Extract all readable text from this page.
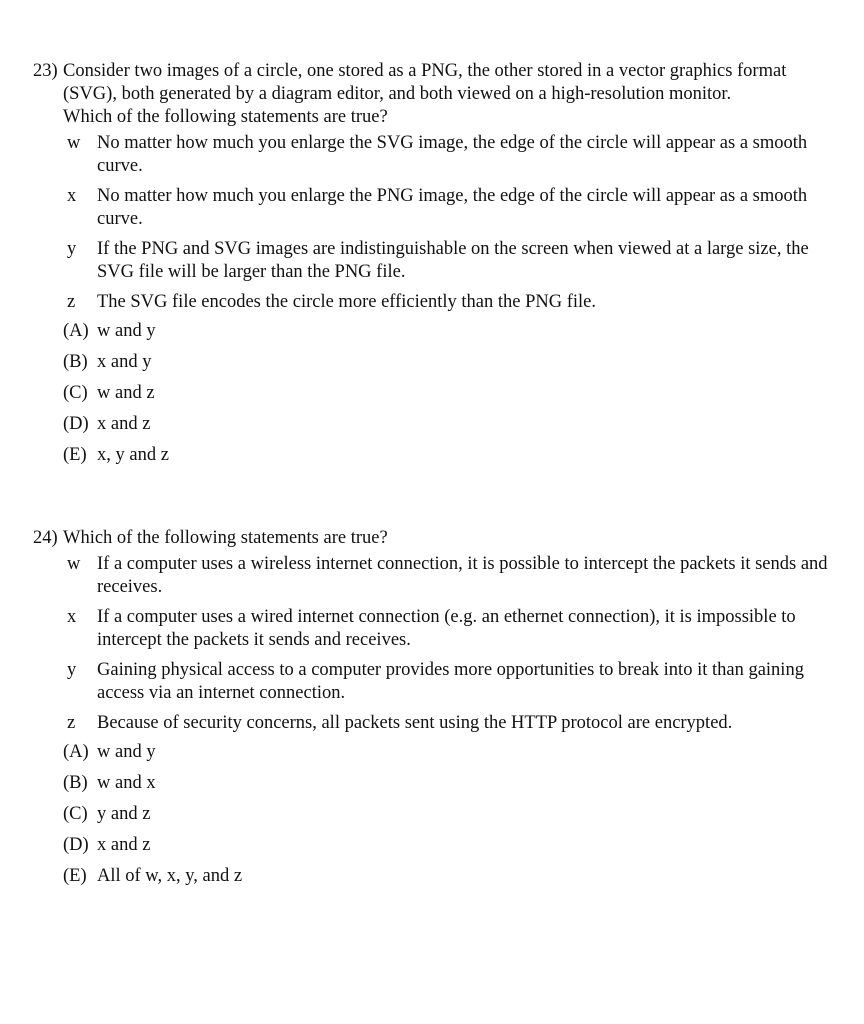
23) Consider two images of a circle, one stored as a PNG, the other stored in a vector graphics format (SVG), both generated by a diagram editor, and both viewed on a high-resolution monitor.
Which of the following statements are true?
w No matter how much you enlarge the SVG image, the edge of the circle will appear as a smooth curve.
x No matter how much you enlarge the PNG image, the edge of the circle will appear as a smooth curve.
y If the PNG and SVG images are indistinguishable on the screen when viewed at a large size, the SVG file will be larger than the PNG file.
z The SVG file encodes the circle more efficiently than the PNG file.
(A) w and y
(B) x and y
(C) w and z
(D) x and z
(E) x, y and z
24) Which of the following statements are true?
w If a computer uses a wireless internet connection, it is possible to intercept the packets it sends and receives.
x If a computer uses a wired internet connection (e.g. an ethernet connection), it is impossible to intercept the packets it sends and receives.
y Gaining physical access to a computer provides more opportunities to break into it than gaining access via an internet connection.
z Because of security concerns, all packets sent using the HTTP protocol are encrypted.
(A) w and y
(B) w and x
(C) y and z
(D) x and z
(E) All of w, x, y, and z
